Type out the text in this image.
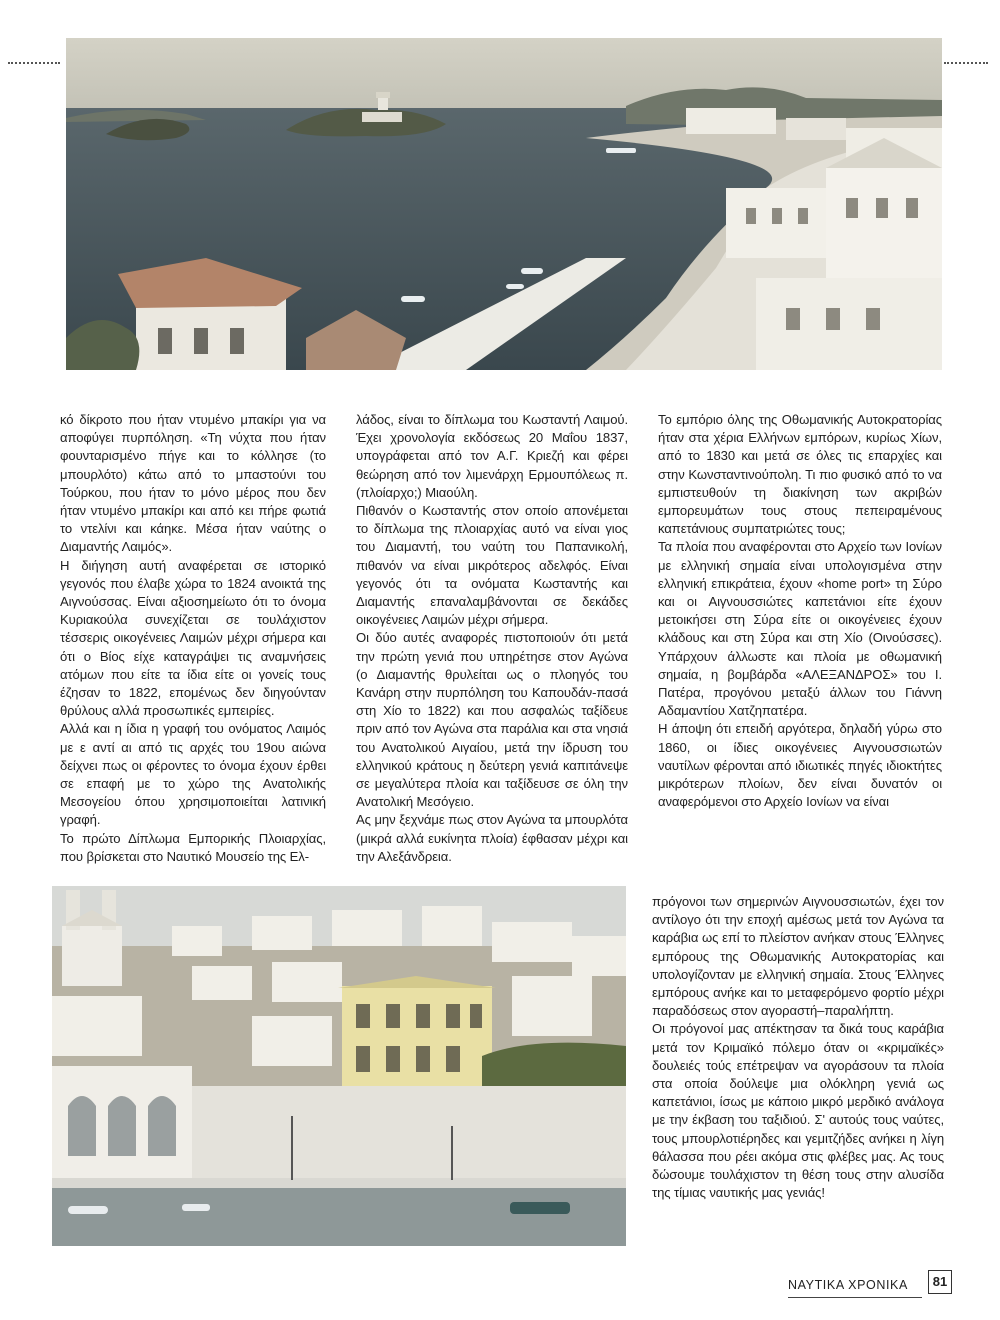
κό δίκροτο που ήταν ντυμένο μπακίρι για να αποφύγει πυρπόληση. «Τη νύχτα που ήταν φουνταρισμένο πήγε και το κόλλησε (το μπουρλότο) κάτω από το μπαστούνι του Τούρκου, που ήταν το μόνο μέρος που δεν ήταν ντυμένο μπακίρι και από κει πήρε φωτιά το ντελίνι και κάηκε. Μέσα ήταν ναύτης ο Διαμαντής Λαιμός».

Η διήγηση αυτή αναφέρεται σε ιστορικό γεγονός που έλαβε χώρα το 1824 ανοικτά της Αιγνούσσας. Είναι αξιοσημείωτο ότι το όνομα Κυριακούλα συνεχίζεται σε τουλάχιστον τέσσερις οικογένειες Λαιμών μέχρι σήμερα και ότι ο Βίος είχε καταγράψει τις αναμνήσεις ατόμων που είτε τα ίδια είτε οι γονείς τους έζησαν το 1822, επομένως δεν διηγούνταν θρύλους αλλά προσωπικές εμπειρίες.

Αλλά και η ίδια η γραφή του ονόματος Λαιμός με ε αντί αι από τις αρχές του 19ου αιώνα δείχνει πως οι φέροντες το όνομα έχουν έρθει σε επαφή με το χώρο της Ανατολικής Μεσογείου όπου χρησιμοποιείται λατινική γραφή.

Το πρώτο Δίπλωμα Εμπορικής Πλοιαρχίας, που βρίσκεται στο Ναυτικό Μουσείο της Ελ-

λάδος, είναι το δίπλωμα του Κωσταντή Λαιμού. Έχει χρονολογία εκδόσεως 20 Μαΐου 1837, υπογράφεται από τον Α.Γ. Κριεζή και φέρει θεώρηση από τον λιμενάρχη Ερμουπόλεως π. (πλοίαρχο;) Μιαούλη.

Πιθανόν ο Κωσταντής στον οποίο απονέμεται το δίπλωμα της πλοιαρχίας αυτό να είναι γιος του Διαμαντή, του ναύτη του Παπανικολή, πιθανόν να είναι μικρότερος αδελφός. Είναι γεγονός ότι τα ονόματα Κωσταντής και Διαμαντής επαναλαμβάνονται σε δεκάδες οικογένειες Λαιμών μέχρι σήμερα.

Οι δύο αυτές αναφορές πιστοποιούν ότι μετά την πρώτη γενιά που υπηρέτησε στον Αγώνα (ο Διαμαντής θρυλείται ως ο πλοηγός του Κανάρη στην πυρπόληση του Καπουδάν-πασά στη Χίο το 1822) και που ασφαλώς ταξίδευε πριν από τον Αγώνα στα παράλια και στα νησιά του Ανατολικού Αιγαίου, μετά την ίδρυση του ελληνικού κράτους η δεύτερη γενιά καπιτάνεψε σε μεγαλύτερα πλοία και ταξίδευσε σε όλη την Ανατολική Μεσόγειο.

Ας μην ξεχνάμε πως στον Αγώνα τα μπουρλότα (μικρά αλλά ευκίνητα πλοία) έφθασαν μέχρι και την Αλεξάνδρεια.

Το εμπόριο όλης της Οθωμανικής Αυτοκρατορίας ήταν στα χέρια Ελλήνων εμπόρων, κυρίως Χίων, από το 1830 και μετά σε όλες τις επαρχίες και στην Κωνσταντινούπολη. Τι πιο φυσικό από το να εμπιστευθούν τη διακίνηση των ακριβών εμπορευμάτων τους στους πεπειραμένους καπετάνιους συμπατριώτες τους;

Τα πλοία που αναφέρονται στο Αρχείο των Ιονίων με ελληνική σημαία είναι υπολογισμένα στην ελληνική επικράτεια, έχουν «home port» τη Σύρο και οι Αιγνουσσιώτες καπετάνιοι είτε έχουν μετοικήσει στη Σύρα είτε οι οικογένειες έχουν κλάδους και στη Σύρα και στη Χίο (Οινούσσες). Υπάρχουν άλλωστε και πλοία με οθωμανική σημαία, η βομβάρδα «ΑΛΕΞΑΝΔΡΟΣ» του Ι. Πατέρα, προγόνου μεταξύ άλλων του Γιάννη Αδαμαντίου Χατζηπατέρα.

Η άποψη ότι επειδή αργότερα, δηλαδή γύρω στο 1860, οι ίδιες οικογένειες Αιγνουσσιωτών ναυτίλων φέρονται από ιδιωτικές πηγές ιδιοκτήτες μικρότερων πλοίων, δεν είναι δυνατόν οι αναφερόμενοι στο Αρχείο Ιονίων να είναι

πρόγονοι των σημερινών Αιγνουσσιωτών, έχει τον αντίλογο ότι την εποχή αμέσως μετά τον Αγώνα τα καράβια ως επί το πλείστον ανήκαν στους Έλληνες εμπόρους της Οθωμανικής Αυτοκρατορίας και υπολογίζονταν με ελληνική σημαία. Στους Έλληνες εμπόρους ανήκε και το μεταφερόμενο φορτίο μέχρι παραδόσεως στον αγοραστή–παραλήπτη.

Οι πρόγονοί μας απέκτησαν τα δικά τους καράβια μετά τον Κριμαϊκό πόλεμο όταν οι «κριμαϊκές» δουλειές τούς επέτρεψαν να αγοράσουν τα πλοία στα οποία δούλεψε μια ολόκληρη γενιά ως καπετάνιοι, ίσως με κάποιο μικρό μερδικό ανάλογα με την έκβαση του ταξιδιού. Σ' αυτούς τους ναύτες, τους μπουρλοτιέρηδες και γεμιτζήδες ανήκει η λίγη θάλασσα που ρέει ακόμα στις φλέβες μας. Ας τους δώσουμε τουλάχιστον τη θέση τους στην αλυσίδα της τίμιας ναυτικής μας γενιάς!

ΝΑΥΤΙΚΑ ΧΡΟΝΙΚΑ	81
